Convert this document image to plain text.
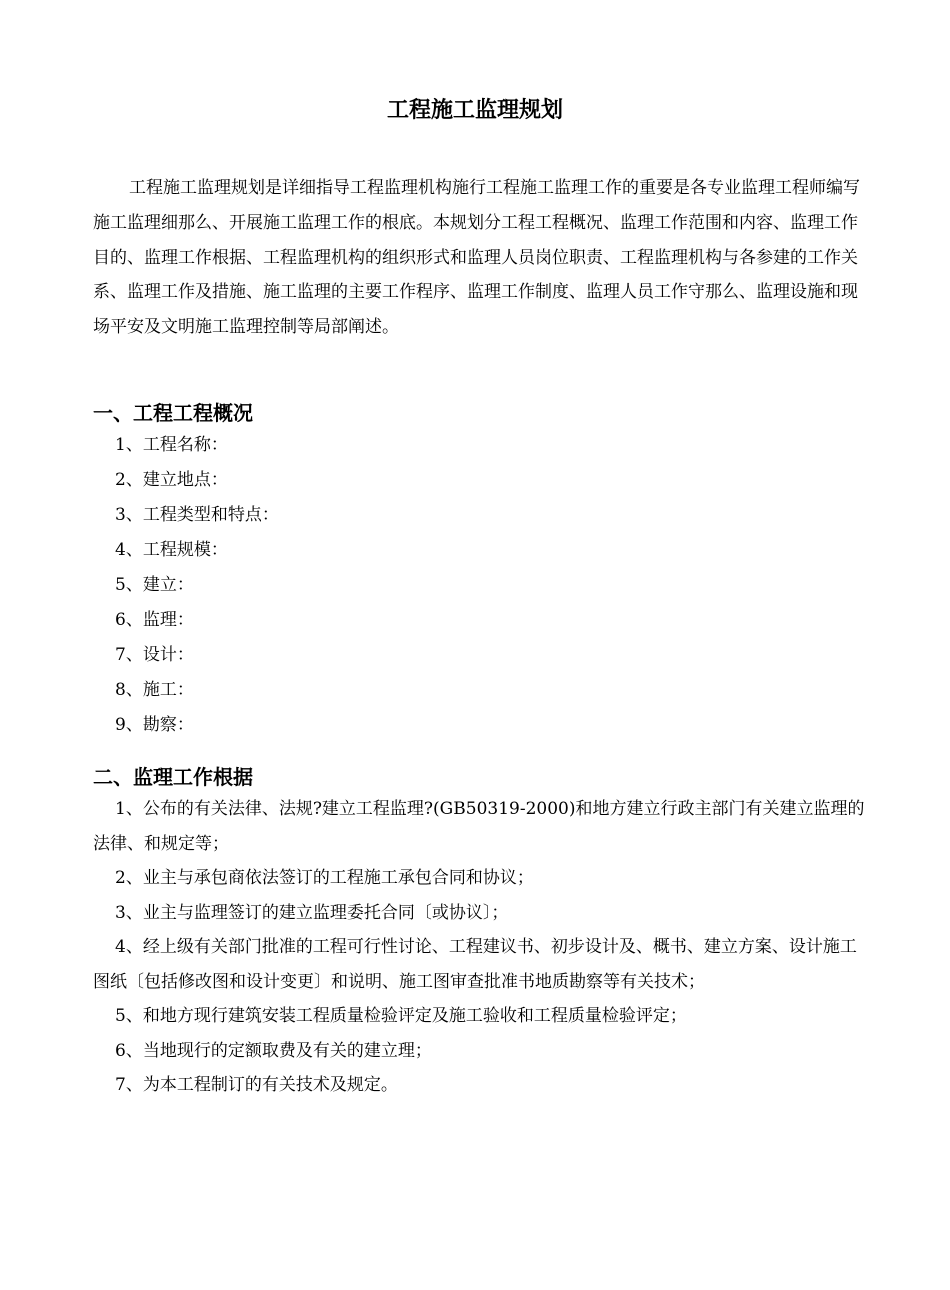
工程施工监理规划

工程施工监理规划是详细指导工程监理机构施行工程施工监理工作的重要是各专业监理工程师编写施工监理细那么、开展施工监理工作的根底。本规划分工程工程概况、监理工作范围和内容、监理工作目的、监理工作根据、工程监理机构的组织形式和监理人员岗位职责、工程监理机构与各参建的工作关系、监理工作及措施、施工监理的主要工作程序、监理工作制度、监理人员工作守那么、监理设施和现场平安及文明施工监理控制等局部阐述。

一、工程工程概况
1、工程名称：
2、建立地点：
3、工程类型和特点：
4、工程规模：
5、建立：
6、监理：
7、设计：
8、施工：
9、勘察：
二、监理工作根据
1、公布的有关法律、法规?建立工程监理?(GB50319-2000)和地方建立行政主部门有关建立监理的法律、和规定等；
2、业主与承包商依法签订的工程施工承包合同和协议；
3、业主与监理签订的建立监理委托合同〔或协议〕；
4、经上级有关部门批准的工程可行性讨论、工程建议书、初步设计及、概书、建立方案、设计施工图纸〔包括修改图和设计变更〕和说明、施工图审查批准书地质勘察等有关技术；
5、和地方现行建筑安装工程质量检验评定及施工验收和工程质量检验评定；
6、当地现行的定额取费及有关的建立理；
7、为本工程制订的有关技术及规定。
